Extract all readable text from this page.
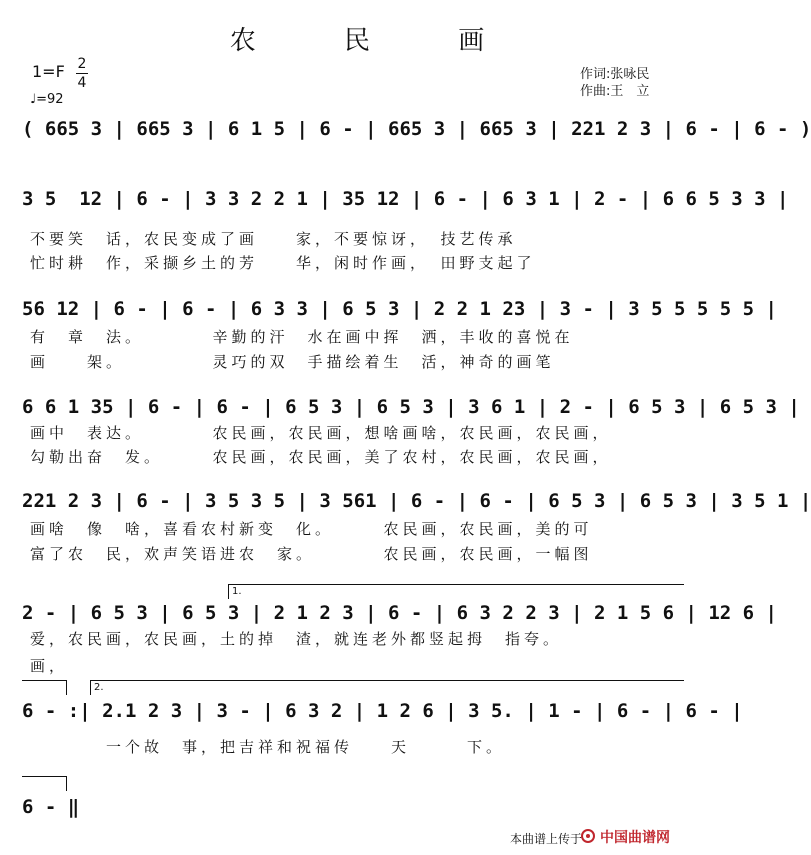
农 民 画
1=F 2
4
♩=92
作词:张咏民
作曲:王　立
( 665 3 | 665 3 | 6 1 5 | 6 - | 665 3 | 665 3 | 221 2 3 | 6 - | 6 - )
3 5  12 | 6 - | 3 3 2 2 1 | 35 12 | 6 - | 6 3 1 | 2 - | 6 6 5 3 3 |
不要笑　话，农民变成了画　　家，不要惊讶，　技艺传承
忙时耕　作，采撷乡土的芳　　华，闲时作画，　田野支起了
56 12 | 6 - | 6 - | 6 3 3 | 6 5 3 | 2 2 1 23 | 3 - | 3 5 5 5 5 5 |
有　章　法。　　　　辛勤的汗　水在画中挥　洒，丰收的喜悦在
画　　架。　　　　　灵巧的双　手描绘着生　活，神奇的画笔
6 6 1 35 | 6 - | 6 - | 6 5 3 | 6 5 3 | 3 6 1 | 2 - | 6 5 3 | 6 5 3 |
画中　表达。　　　　农民画，农民画，想啥画啥，农民画，农民画，
勾勒出奋　发。　　　农民画，农民画，美了农村，农民画，农民画，
221 2 3 | 6 - | 3 5 3 5 | 3 561 | 6 - | 6 - | 6 5 3 | 6 5 3 | 3 5 1 |
画啥　像　啥，喜看农村新变　化。　　　农民画，农民画，美的可
富了农　民，欢声笑语进农　家。　　　　农民画，农民画，一幅图
1.
2 - | 6 5 3 | 6 5 3 | 2 1 2 3 | 6 - | 6 3 2 2 3 | 2 1 5 6 | 12 6 |
爱，农民画，农民画，土的掉　渣，就连老外都竖起拇　指夸。
画，
2.
6 - :| 2.1 2 3 | 3 - | 6 3 2 | 1 2 6 | 3 5. | 1 - | 6 - | 6 - |
　　　　一个故　事，把吉祥和祝福传　　天　　　下。
6 - ‖
本曲谱上传于 中国曲谱网
